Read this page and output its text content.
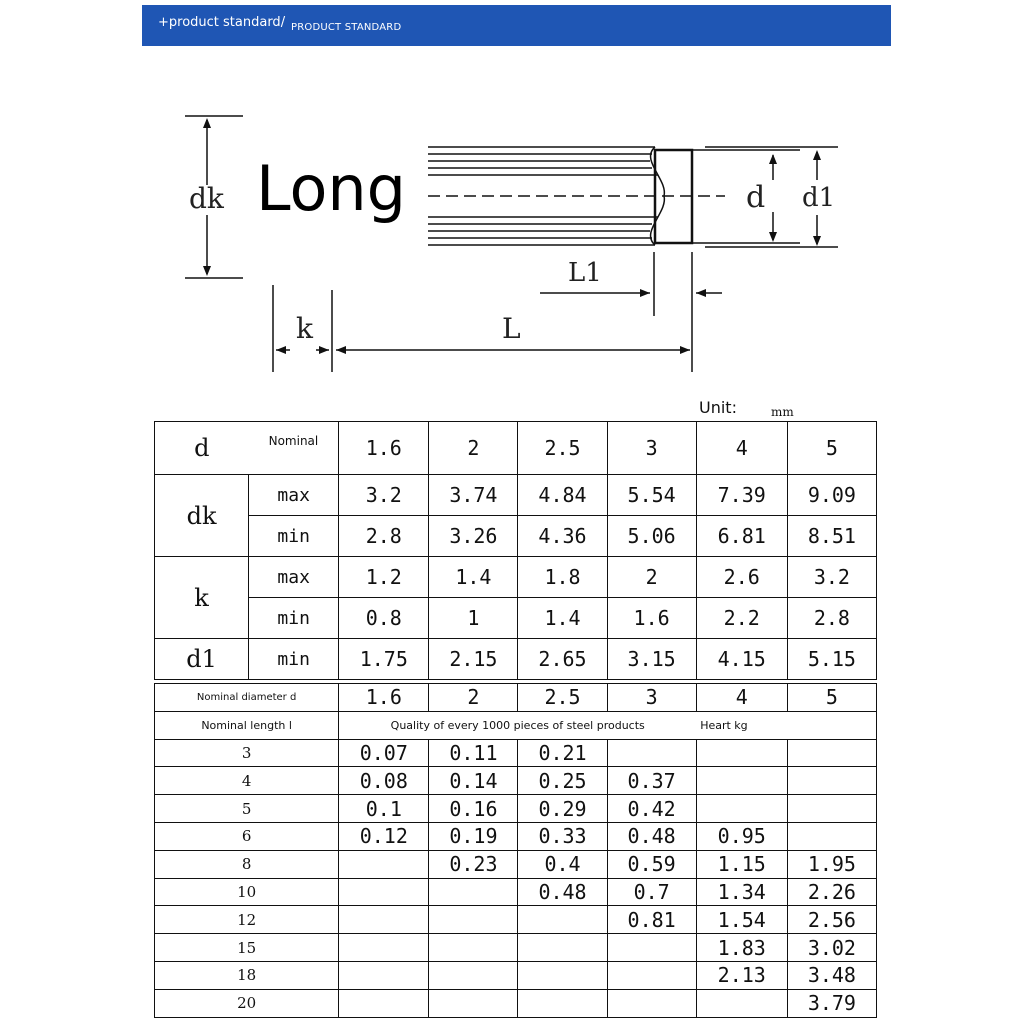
+product standard/ PRODUCT STANDARD
Long
dk	d d1
L1
k	L
Unit:	mm
d	Nominal	1.6	2	2.5	3	4	5
dk	max	3.2	3.74	4.84	5.54	7.39	9.09
	min	2.8	3.26	4.36	5.06	6.81	8.51
k	max	1.2	1.4	1.8	2	2.6	3.2
	min	0.8	1	1.4	1.6	2.2	2.8
d1	min	1.75	2.15	2.65	3.15	4.15	5.15
Nominal diameter d	1.6	2	2.5	3	4	5
Nominal length l	Quality of every 1000 pieces of steel products				Heart kg	
3	0.07	0.11	0.21			
4	0.08	0.14	0.25	0.37		
5	0.1	0.16	0.29	0.42		
6	0.12	0.19	0.33	0.48	0.95	
8		0.23	0.4	0.59	1.15	1.95
10			0.48	0.7	1.34	2.26
12				0.81	1.54	2.56
15					1.83	3.02
18					2.13	3.48
20						3.79
